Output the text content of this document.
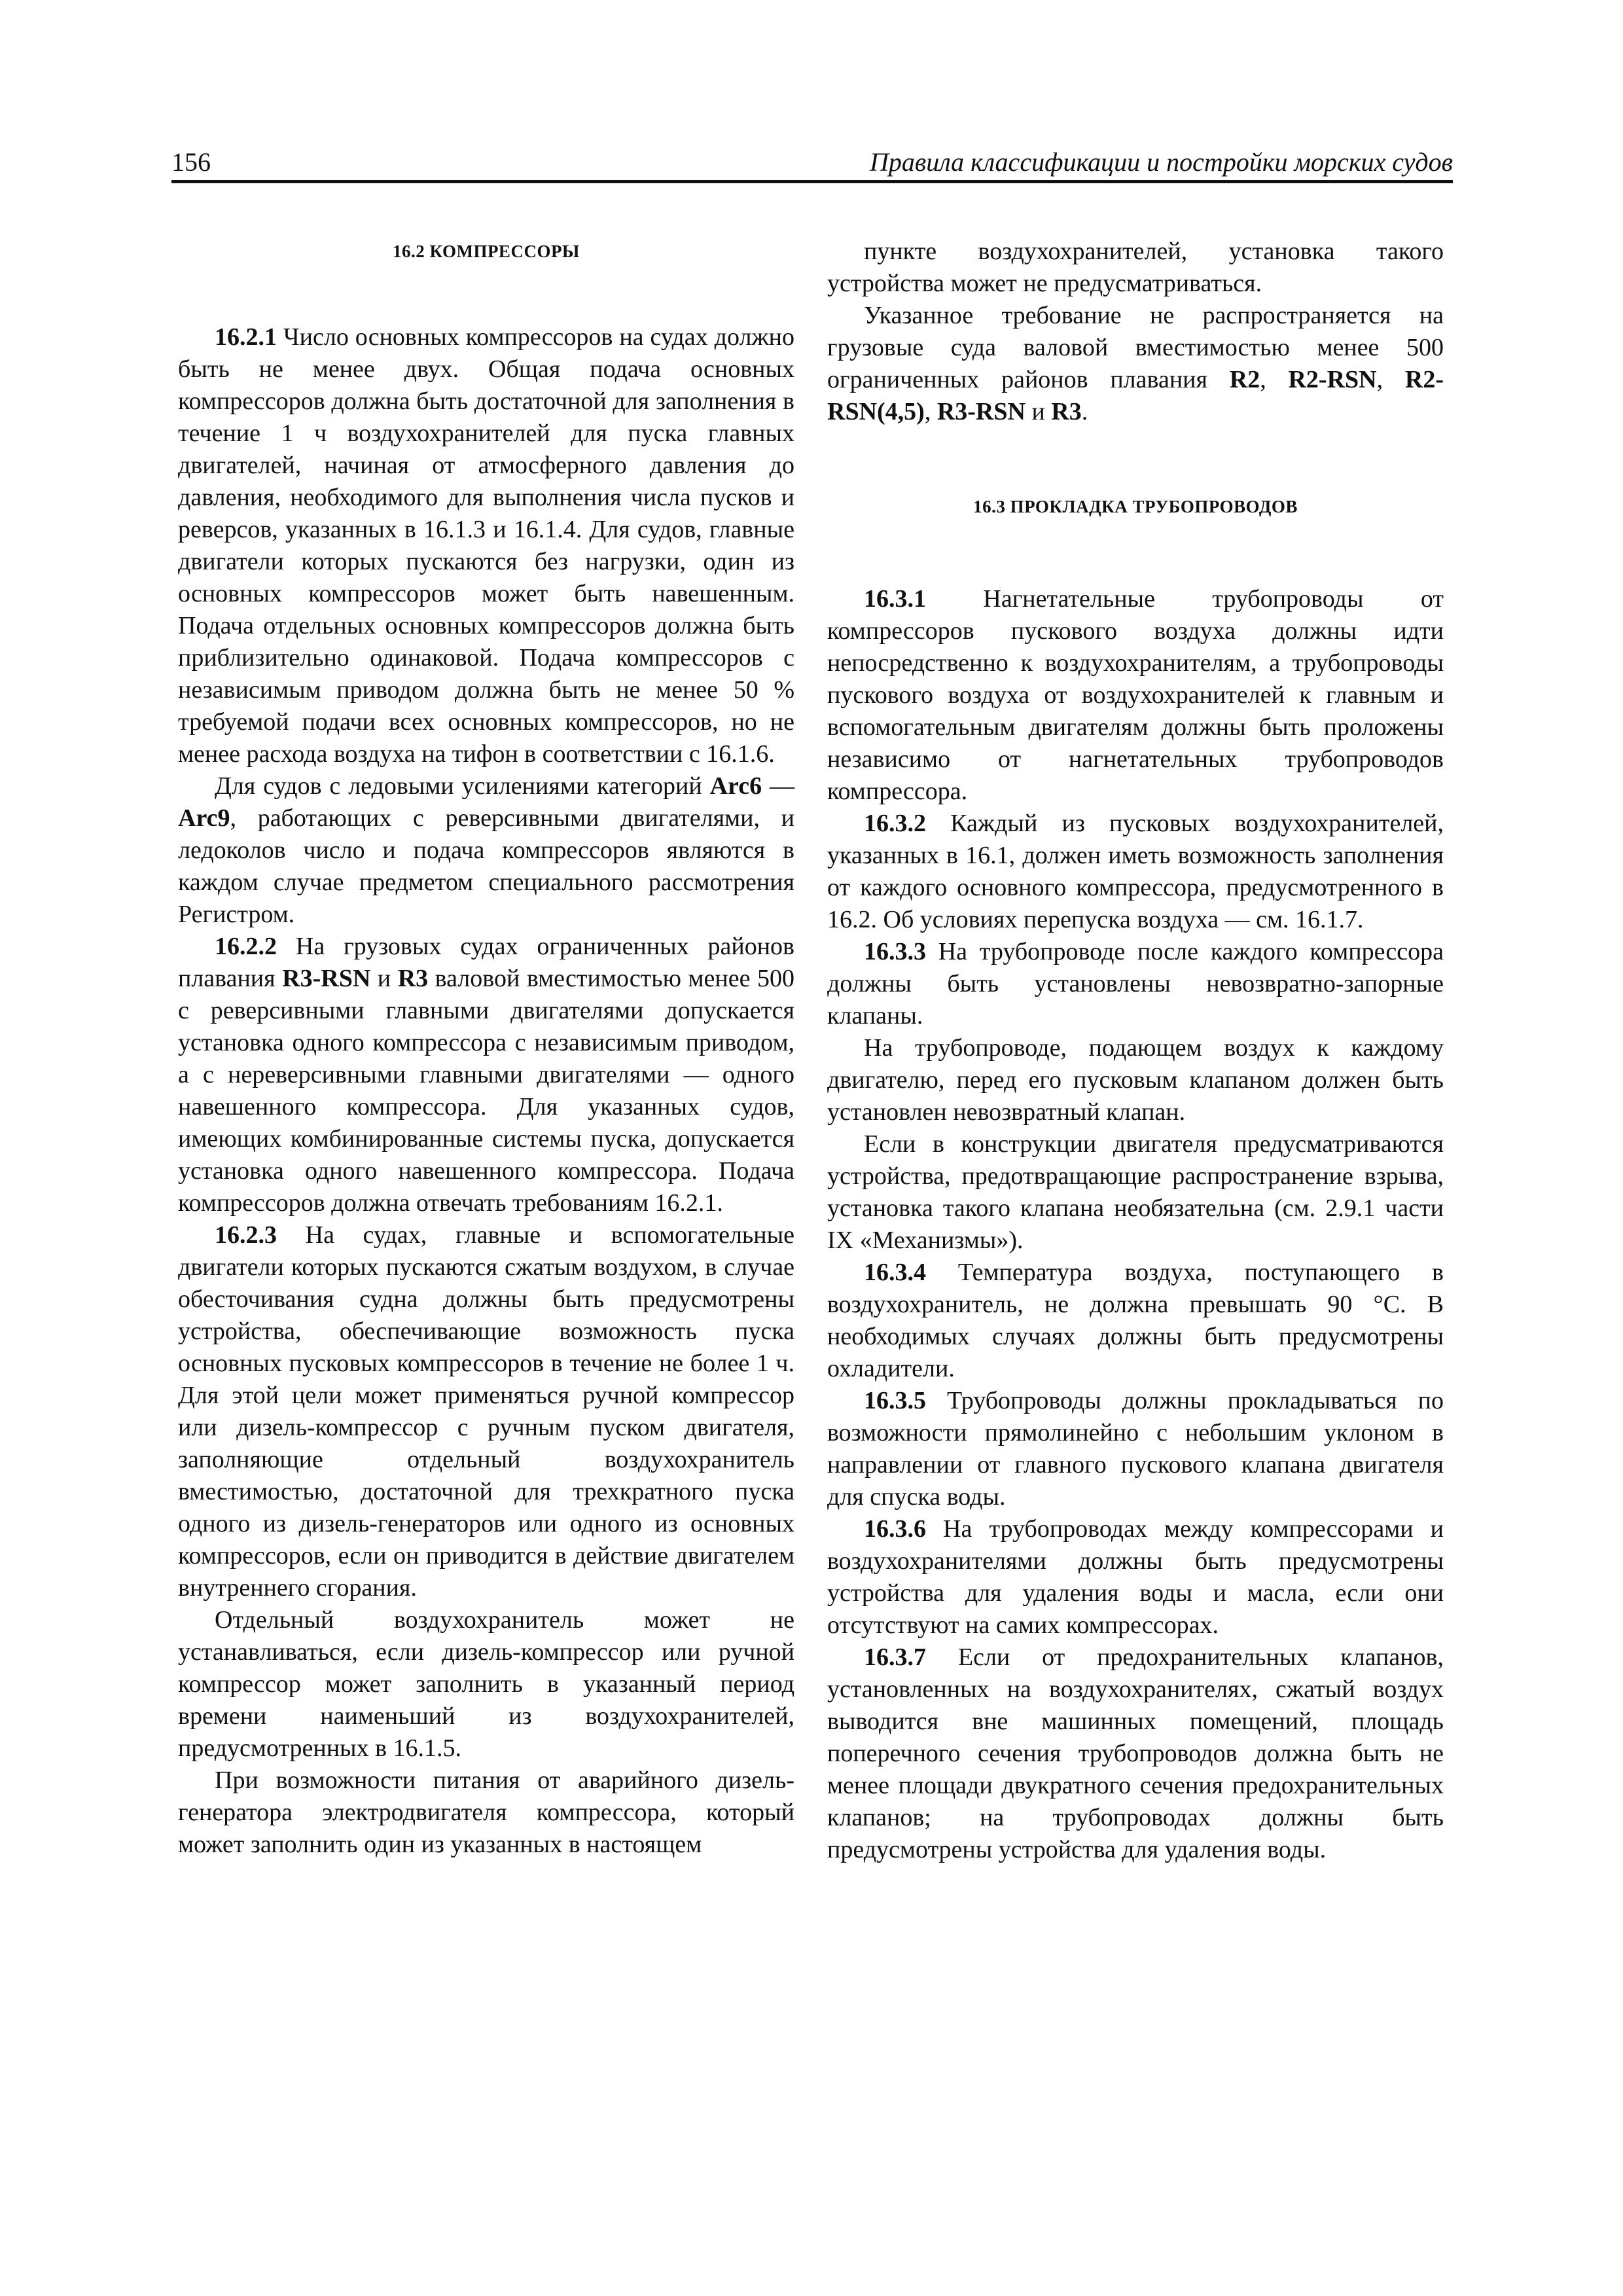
156	Правила классификации и постройки морских судов
16.2 КОМПРЕССОРЫ

16.2.1 Число основных компрессоров на судах должно быть не менее двух. Общая подача основных компрессоров должна быть достаточной для заполнения в течение 1 ч воздухохранителей для пуска главных двигателей, начиная от атмосферного давления до давления, необходимого для выполнения числа пусков и реверсов, указанных в 16.1.3 и 16.1.4. Для судов, главные двигатели которых пускаются без нагрузки, один из основных компрессоров может быть навешенным. Подача отдельных основных компрессоров должна быть приблизительно одинаковой. Подача компрессоров с независимым приводом должна быть не менее 50 % требуемой подачи всех основных компрессоров, но не менее расхода воздуха на тифон в соответствии с 16.1.6.

Для судов с ледовыми усилениями категорий Arc6 — Arc9, работающих с реверсивными двигателями, и ледоколов число и подача компрессоров являются в каждом случае предметом специального рассмотрения Регистром.

16.2.2 На грузовых судах ограниченных районов плавания R3-RSN и R3 валовой вместимостью менее 500 с реверсивными главными двигателями допускается установка одного компрессора с независимым приводом, а с нереверсивными главными двигателями — одного навешенного компрессора. Для указанных судов, имеющих комбинированные системы пуска, допускается установка одного навешенного компрессора. Подача компрессоров должна отвечать требованиям 16.2.1.

16.2.3 На судах, главные и вспомогательные двигатели которых пускаются сжатым воздухом, в случае обесточивания судна должны быть предусмотрены устройства, обеспечивающие возможность пуска основных пусковых компрессоров в течение не более 1 ч. Для этой цели может применяться ручной компрессор или дизель-компрессор с ручным пуском двигателя, заполняющие отдельный воздухохранитель вместимостью, достаточной для трехкратного пуска одного из дизель-генераторов или одного из основных компрессоров, если он приводится в действие двигателем внутреннего сгорания.

Отдельный воздухохранитель может не устанавливаться, если дизель-компрессор или ручной компрессор может заполнить в указанный период времени наименьший из воздухохранителей, предусмотренных в 16.1.5.

При возможности питания от аварийного дизель-генератора электродвигателя компрессора, который может заполнить один из указанных в настоящем

пункте воздухохранителей, установка такого устройства может не предусматриваться.

Указанное требование не распространяется на грузовые суда валовой вместимостью менее 500 ограниченных районов плавания R2, R2-RSN, R2-RSN(4,5), R3-RSN и R3.

16.3 ПРОКЛАДКА ТРУБОПРОВОДОВ

16.3.1 Нагнетательные трубопроводы от компрессоров пускового воздуха должны идти непосредственно к воздухохранителям, а трубопроводы пускового воздуха от воздухохранителей к главным и вспомогательным двигателям должны быть проложены независимо от нагнетательных трубопроводов компрессора.

16.3.2 Каждый из пусковых воздухохранителей, указанных в 16.1, должен иметь возможность заполнения от каждого основного компрессора, предусмотренного в 16.2. Об условиях перепуска воздуха — см. 16.1.7.

16.3.3 На трубопроводе после каждого компрессора должны быть установлены невозвратно-запорные клапаны.

На трубопроводе, подающем воздух к каждому двигателю, перед его пусковым клапаном должен быть установлен невозвратный клапан.

Если в конструкции двигателя предусматриваются устройства, предотвращающие распространение взрыва, установка такого клапана необязательна (см. 2.9.1 части IX «Механизмы»).

16.3.4 Температура воздуха, поступающего в воздухохранитель, не должна превышать 90 °С. В необходимых случаях должны быть предусмотрены охладители.

16.3.5 Трубопроводы должны прокладываться по возможности прямолинейно с небольшим уклоном в направлении от главного пускового клапана двигателя для спуска воды.

16.3.6 На трубопроводах между компрессорами и воздухохранителями должны быть предусмотрены устройства для удаления воды и масла, если они отсутствуют на самих компрессорах.

16.3.7 Если от предохранительных клапанов, установленных на воздухохранителях, сжатый воздух выводится вне машинных помещений, площадь поперечного сечения трубопроводов должна быть не менее площади двукратного сечения предохранительных клапанов; на трубопроводах должны быть предусмотрены устройства для удаления воды.
